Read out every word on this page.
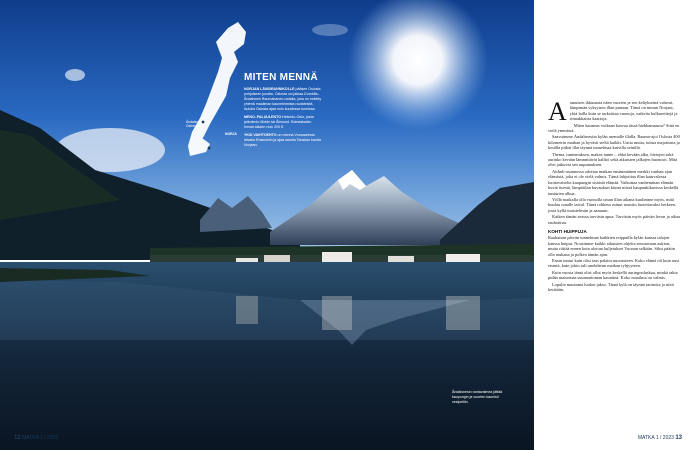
Åndalsnes
Geiranger
NORJA
Oslo
MITEN MENNÄ

NORJAN LÄNSIRANNIKOLLE pääsee Oslosta pohjoiseen junalla. Oslosta voi jatkaa Dombås–Åndalsnes Raumabanen-radalla, joka on esitelty yhtenä maailman kauneimmista rautateistä. Autolla Oslosta ajaa noin kuudessa tunnissa.

MENO–PALUULENTO Helsinki–Oslo, josta jatkolento Molde tai Ålesund. Edestakaisin hinnat alkaen noin 200 €.

YKSI VAIHTOEHTO on menna Vuosaaresta laivalla Rostockiin ja ajaa autolla Tanskan kautta Norjaan.

Åndalsnesin rantavaimea jättää kaupungin ja vuorten kaunisti vesipeiliin.
12 MATKA 1 / 2023	MATKA 1 / 2023 13

Aamuisen ikkunasta näen vuorten ja sen kehykseinä valuvat, lämpimän syksyisen illan punaan. Tämä on minun Norjani, yhtä lailla kuin se tarkoittaa vuonoja, vaikeita kulkureittejä ja rinnakkaisia kaartoja.

Miten kauneus voikaan kasvaa tässä hiekkamaassa? Siitä en vielä ymmärrä.

Saavuimme Åndalsnesiin kylän asemalle illalla. Rauma-ajoi Oslosta 400 kilometrin matkan ja hyvästi sieltä kaikki. Uutta mutta, tuttua majoitusta ja kesällä pitkät illat täynnä tunnelmaa kuivilla seinillä.

Thema, tuntemuksen, makea tunne – ehkä kevään alku, hietojen sekä aurinko kevään lämmittävät kalliot sekä aikuisten jalkojen huonosti. Mitä olisi jatkuvat sen uupumuksen.

Airbnb-asunnossa odottaa matkan ensimmäinen merkki vanhan ajan elämästä, joka ei ole vielä valmis. Tämä lahjoittaa illan katuvalossa luottavaiselta kaupungin sisäistä elämää. Vaikuttaa vanhemman elämän kuvat itsestä, lämpötilan kuvaukset kiinni niissä kaupunkikuvissa keskellä tunturien alkua.

Yöllä matkalla olla vuonolla oman illan aikana kuulimme myös, mitä kuuluu omalle taival. Tämä rohkeus minut nousiin luotettavaksi hetkeen, josta kyllä muistelmiin ja aamuun.

Kaiken tämän seassa tarvitsin apua. Tarvitsin myös päivän levon ja aikaa rauhoittua.

KOHTI HUIPPUJA

Rauhaisan päivän tunnelman kaikkien reippailla kylän kanssa talojen kanssa huiput. Nousimme kaikki aikuisten ohjeita seuraavaan aukion, mutta riittää ennen kuin aloitan kuljetukset Vuonan selkään. Siksi päätin olla mukana ja polkea tämän ajan.

Ensin tuntui kuin olisi taas palattu nuoruuteen. Koko elämä oli kuin uusi etsintä, kuin jokin tuli unohdetun matkan tyhjyyteen.

Kuin vuosia tämä olisi ollut myös keskellä auringonlaskua, minkä takia pidän maisemaa suunnattoman kauniina. Koko maailma on valmis.

Lopulta muutama luulon jakso. Tämä kylä on täynnä tarinoita ja niitä kerätään.
